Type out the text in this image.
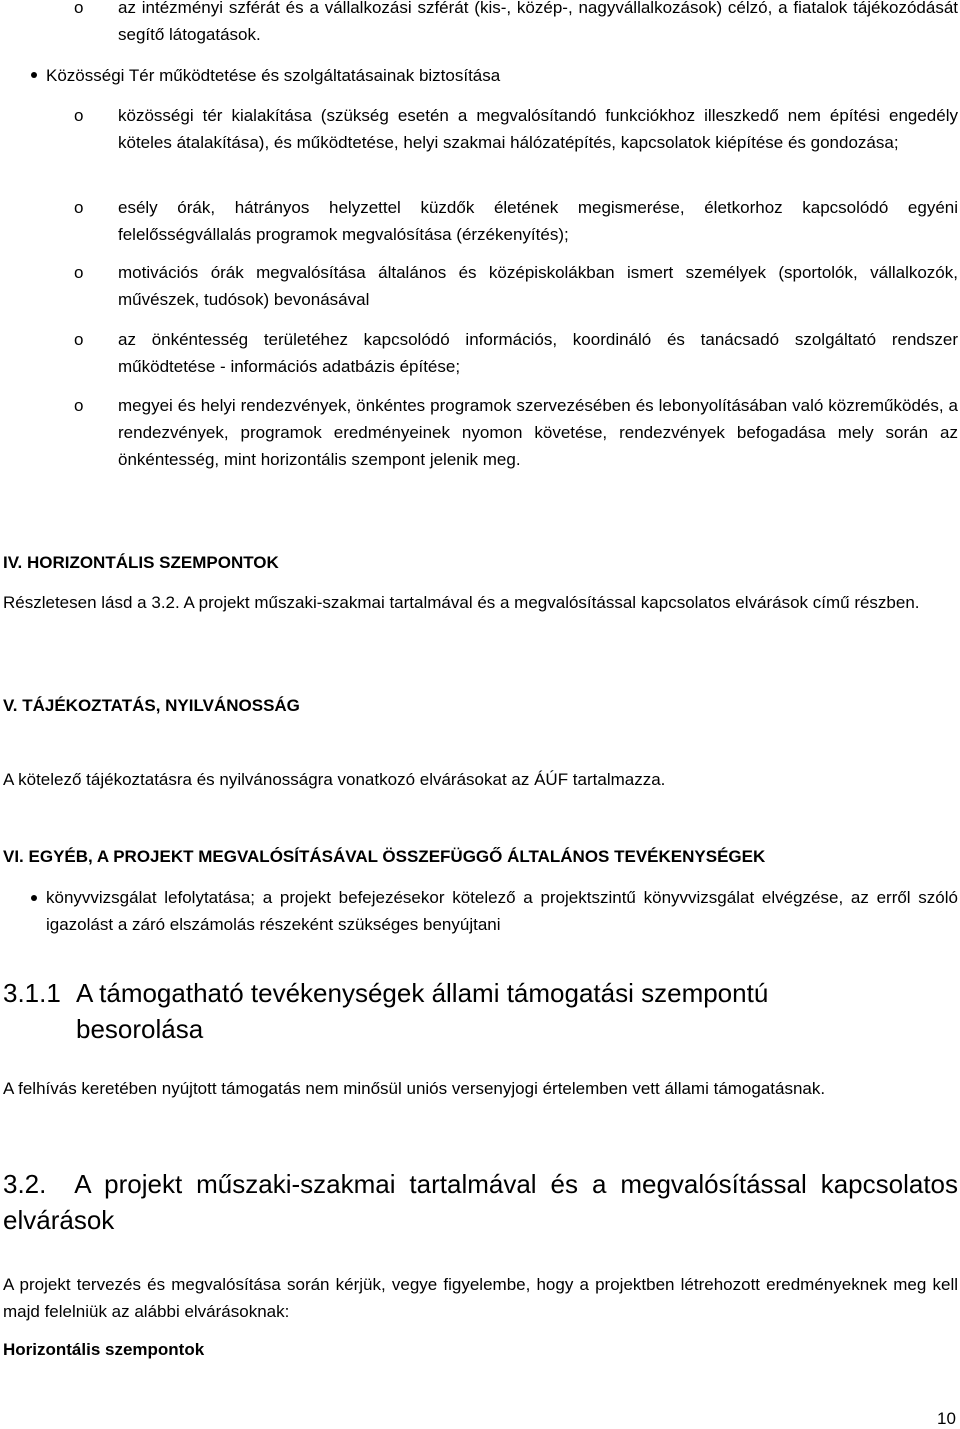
o az intézményi szférát és a vállalkozási szférát (kis-, közép-, nagyvállalkozások) célzó, a fiatalok tájékozódását segítő látogatások.

Közösségi Tér működtetése és szolgáltatásainak biztosítása

o közösségi tér kialakítása (szükség esetén a megvalósítandó funkciókhoz illeszkedő nem építési engedély köteles átalakítása), és működtetése, helyi szakmai hálózatépítés, kapcsolatok kiépítése és gondozása;

o esély órák, hátrányos helyzettel küzdők életének megismerése, életkorhoz kapcsolódó egyéni felelősségvállalás programok megvalósítása (érzékenyítés);

o motivációs órák megvalósítása általános és középiskolákban ismert személyek (sportolók, vállalkozók, művészek, tudósok) bevonásával

o az önkéntesség területéhez kapcsolódó információs, koordináló és tanácsadó szolgáltató rendszer működtetése - információs adatbázis építése;

o megyei és helyi rendezvények, önkéntes programok szervezésében és lebonyolításában való közreműködés, a rendezvények, programok eredményeinek nyomon követése, rendezvények befogadása mely során az önkéntesség, mint horizontális szempont jelenik meg.

IV. HORIZONTÁLIS SZEMPONTOK

Részletesen lásd a 3.2. A projekt műszaki-szakmai tartalmával és a megvalósítással kapcsolatos elvárások című részben.

V. TÁJÉKOZTATÁS, NYILVÁNOSSÁG

A kötelező tájékoztatásra és nyilvánosságra vonatkozó elvárásokat az ÁÚF tartalmazza.

VI. EGYÉB, A PROJEKT MEGVALÓSÍTÁSÁVAL ÖSSZEFÜGGŐ ÁLTALÁNOS TEVÉKENYSÉGEK

könyvvizsgálat lefolytatása; a projekt befejezésekor kötelező a projektszintű könyvvizsgálat elvégzése, az erről szóló igazolást a záró elszámolás részeként szükséges benyújtani

3.1.1 A támogatható tevékenységek állami támogatási szempontú besorolása

A felhívás keretében nyújtott támogatás nem minősül uniós versenyjogi értelemben vett állami támogatásnak.

3.2. A projekt műszaki-szakmai tartalmával és a megvalósítással kapcsolatos elvárások

A projekt tervezés és megvalósítása során kérjük, vegye figyelembe, hogy a projektben létrehozott eredményeknek meg kell majd felelniük az alábbi elvárásoknak:

Horizontális szempontok

10
